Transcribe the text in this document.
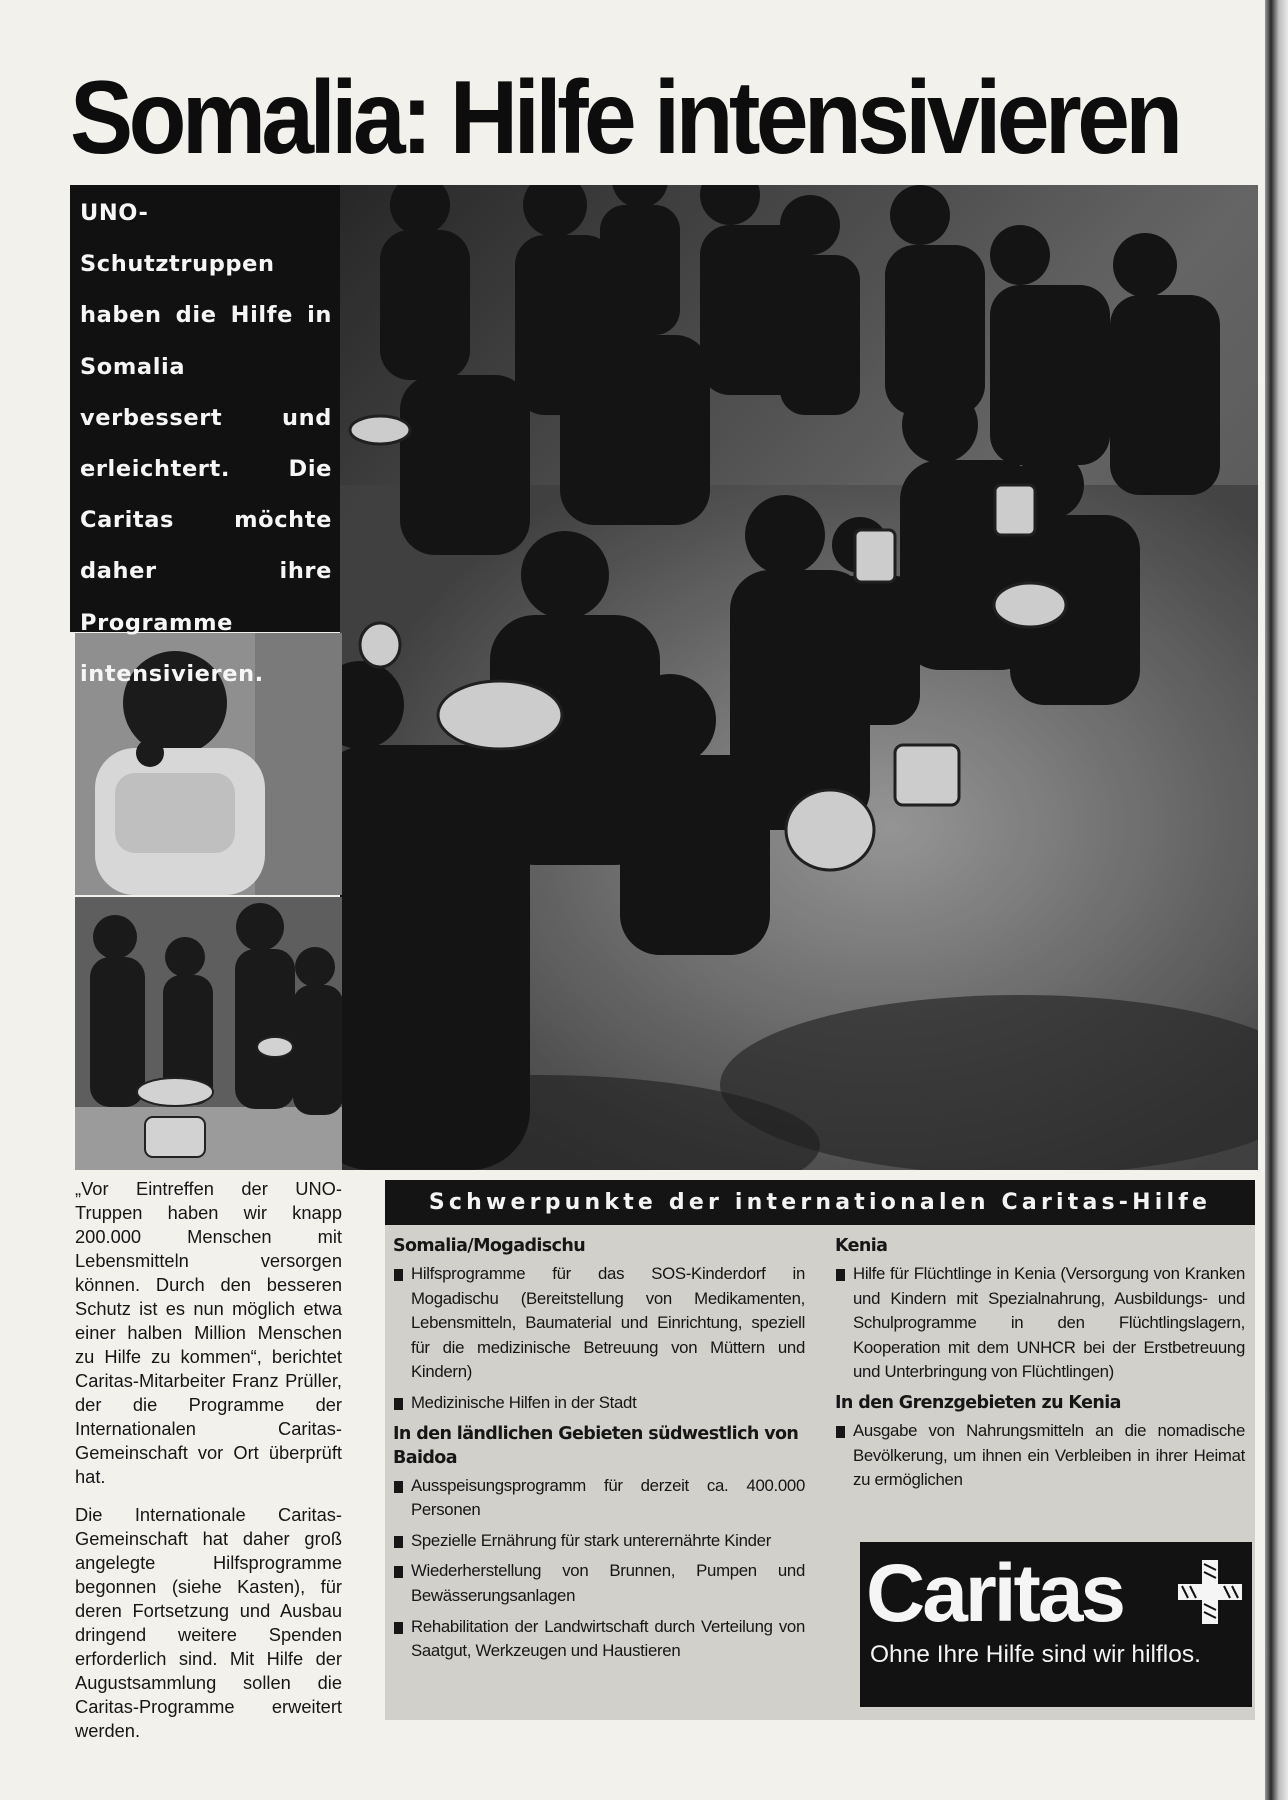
Somalia: Hilfe intensivieren
UNO-Schutztruppen haben die Hilfe in Somalia verbessert und erleichtert. Die Caritas möchte daher ihre Programme intensivieren.

„Vor Eintreffen der UNO-Truppen haben wir knapp 200.000 Menschen mit Lebensmitteln versorgen können. Durch den besseren Schutz ist es nun möglich etwa einer halben Million Menschen zu Hilfe zu kommen“, berichtet Caritas-Mitarbeiter Franz Prüller, der die Programme der Internationalen Caritas-Gemeinschaft vor Ort überprüft hat.

Die Internationale Caritas-Gemeinschaft hat daher groß angelegte Hilfsprogramme begonnen (siehe Kasten), für deren Fortsetzung und Ausbau dringend weitere Spenden erforderlich sind. Mit Hilfe der Augustsammlung sollen die Caritas-Programme erweitert werden.

Schwerpunkte der internationalen Caritas-Hilfe
Somalia/Mogadischu
Hilfsprogramme für das SOS-Kinderdorf in Mogadischu (Bereitstellung von Medikamenten, Lebensmitteln, Baumaterial und Einrichtung, speziell für die medizinische Betreuung von Müttern und Kindern)
Medizinische Hilfen in der Stadt
In den ländlichen Gebieten südwestlich von Baidoa
Ausspeisungsprogramm für derzeit ca. 400.000 Personen
Spezielle Ernährung für stark unterernährte Kinder
Wiederherstellung von Brunnen, Pumpen und Bewässerungsanlagen
Rehabilitation der Landwirtschaft durch Verteilung von Saatgut, Werkzeugen und Haustieren
Kenia
Hilfe für Flüchtlinge in Kenia (Versorgung von Kranken und Kindern mit Spezialnahrung, Ausbildungs- und Schulprogramme in den Flüchtlingslagern, Kooperation mit dem UNHCR bei der Erstbetreuung und Unterbringung von Flüchtlingen)
In den Grenzgebieten zu Kenia
Ausgabe von Nahrungsmitteln an die nomadische Bevölkerung, um ihnen ein Verbleiben in ihrer Heimat zu ermöglichen
Caritas
Ohne Ihre Hilfe sind wir hilflos.
